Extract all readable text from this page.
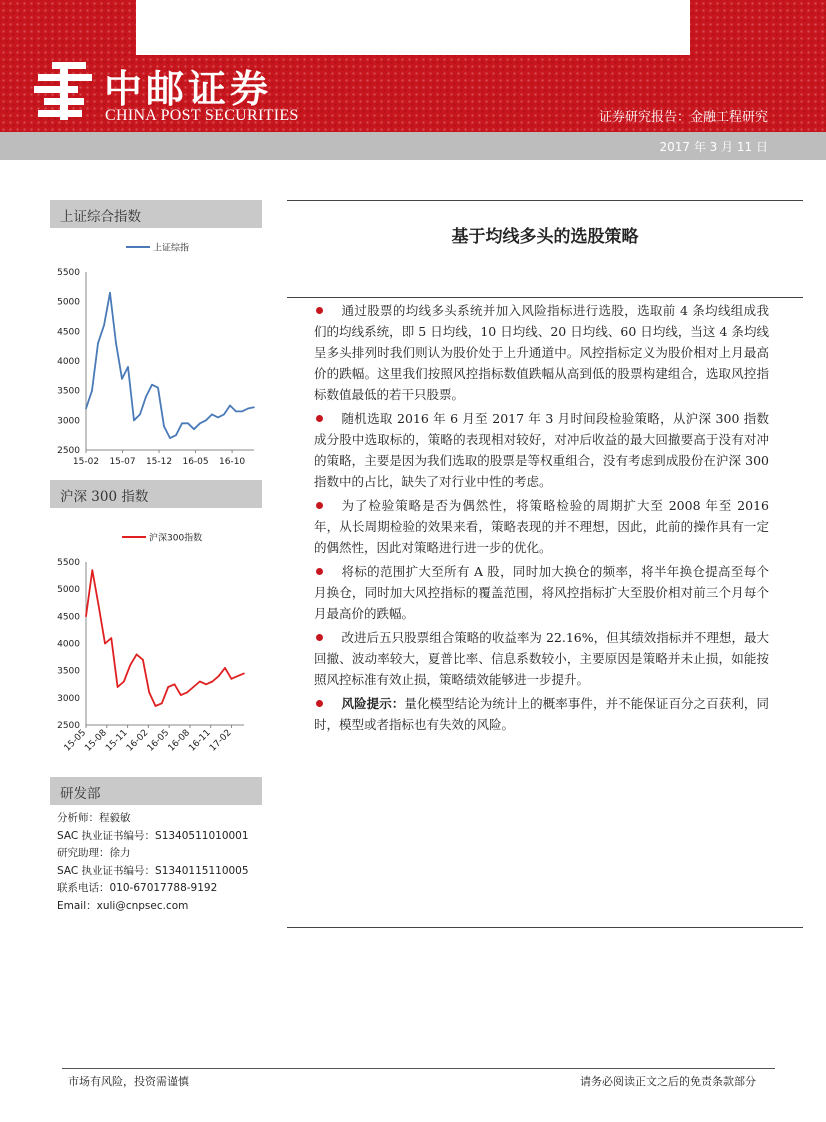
中邮证券
CHINA POST SECURITIES	证券研究报告：金融工程研究
2017 年 3 月 11 日
上证综合指数
上证综指
2500
3000
3500
4000
4500
5000
5500
15-02 15-07 15-12 16-05 16-10
沪深 300 指数
沪深300指数
2500
3000
3500
4000
4500
5000
5500
15-05
15-08
15-11
16-02
16-05
16-08
16-11
17-02
研发部
分析师：程毅敏
SAC 执业证书编号：S1340511010001
研究助理：徐力
SAC 执业证书编号：S1340115110005
联系电话：010-67017788-9192
Email：xuli@cnpsec.com
基于均线多头的选股策略
通过股票的均线多头系统并加入风险指标进行选股，选取前 4 条均线组成我们的均线系统，即 5 日均线，10 日均线、20 日均线、60 日均线，当这 4 条均线呈多头排列时我们则认为股价处于上升通道中。风控指标定义为股价相对上月最高价的跌幅。这里我们按照风控指标数值跌幅从高到低的股票构建组合，选取风控指标数值最低的若干只股票。
随机选取 2016 年 6 月至 2017 年 3 月时间段检验策略，从沪深 300 指数成分股中选取标的，策略的表现相对较好，对冲后收益的最大回撤要高于没有对冲的策略，主要是因为我们选取的股票是等权重组合，没有考虑到成股份在沪深 300 指数中的占比，缺失了对行业中性的考虑。
为了检验策略是否为偶然性，将策略检验的周期扩大至 2008 年至 2016 年，从长周期检验的效果来看，策略表现的并不理想，因此，此前的操作具有一定的偶然性，因此对策略进行进一步的优化。
将标的范围扩大至所有 A 股，同时加大换仓的频率，将半年换仓提高至每个月换仓，同时加大风控指标的覆盖范围，将风控指标扩大至股价相对前三个月每个月最高价的跌幅。
改进后五只股票组合策略的收益率为 22.16%，但其绩效指标并不理想，最大回撤、波动率较大，夏普比率、信息系数较小，主要原因是策略并未止损，如能按照风控标准有效止损，策略绩效能够进一步提升。
风险提示：量化模型结论为统计上的概率事件，并不能保证百分之百获利，同时，模型或者指标也有失效的风险。
市场有风险，投资需谨慎	请务必阅读正文之后的免责条款部分
